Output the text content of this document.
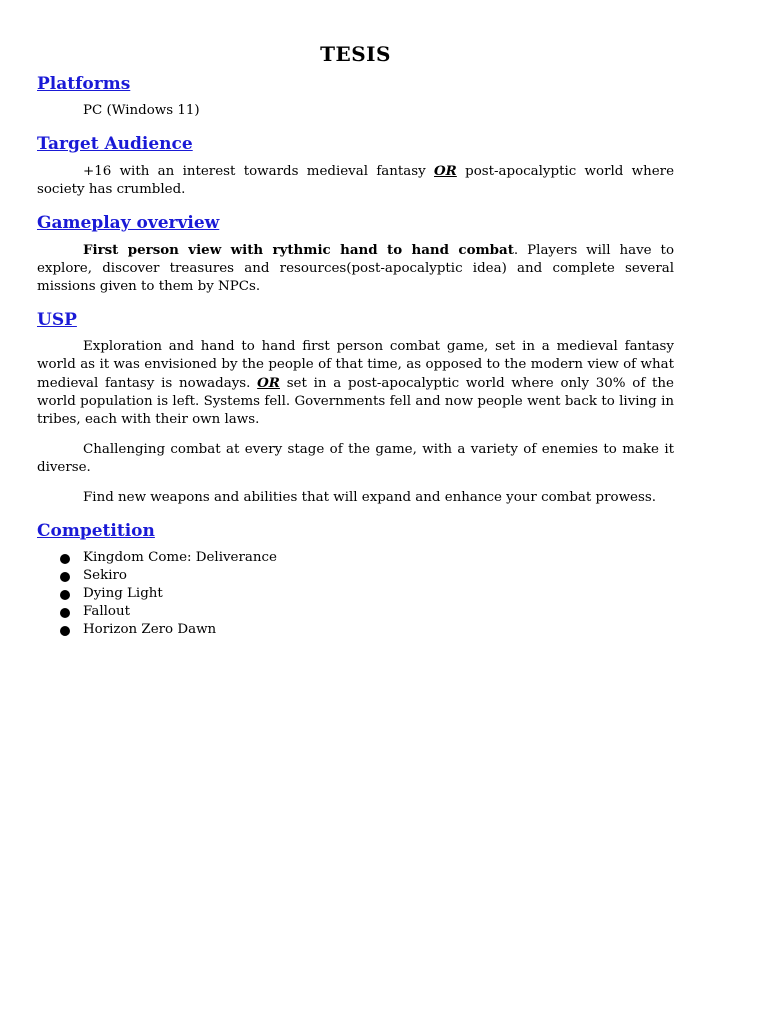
TESIS
Platforms

PC (Windows 11)

Target Audience

+16 with an interest towards medieval fantasy OR post-apocalyptic world where society has crumbled.

Gameplay overview

First person view with rythmic hand to hand combat. Players will have to explore, discover treasures and resources(post-apocalyptic idea) and complete several missions given to them by NPCs.

USP

Exploration and hand to hand first person combat game, set in a medieval fantasy world as it was envisioned by the people of that time, as opposed to the modern view of what medieval fantasy is nowadays. OR set in a post-apocalyptic world where only 30% of the world population is left. Systems fell. Governments fell and now people went back to living in tribes, each with their own laws.

Challenging combat at every stage of the game, with a variety of enemies to make it diverse.

Find new weapons and abilities that will expand and enhance your combat prowess.

Competition
Kingdom Come: Deliverance
Sekiro
Dying Light
Fallout
Horizon Zero Dawn
